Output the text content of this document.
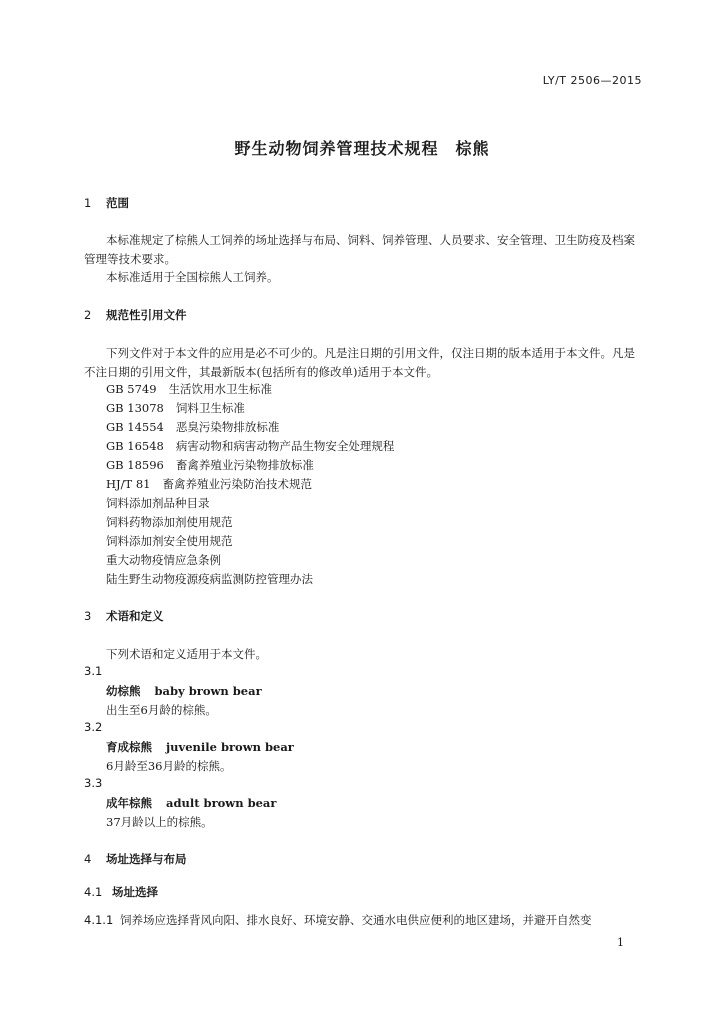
LY/T 2506—2015
野生动物饲养管理技术规程　棕熊
1 范围
本标准规定了棕熊人工饲养的场址选择与布局、饲料、饲养管理、人员要求、安全管理、卫生防疫及档案管理等技术要求。
本标准适用于全国棕熊人工饲养。
2 规范性引用文件
下列文件对于本文件的应用是必不可少的。凡是注日期的引用文件，仅注日期的版本适用于本文件。凡是不注日期的引用文件，其最新版本(包括所有的修改单)适用于本文件。
GB 5749 生活饮用水卫生标准
GB 13078 饲料卫生标准
GB 14554 恶臭污染物排放标准
GB 16548 病害动物和病害动物产品生物安全处理规程
GB 18596 畜禽养殖业污染物排放标准
HJ/T 81 畜禽养殖业污染防治技术规范
饲料添加剂品种目录
饲料药物添加剂使用规范
饲料添加剂安全使用规范
重大动物疫情应急条例
陆生野生动物疫源疫病监测防控管理办法
3 术语和定义
下列术语和定义适用于本文件。
3.1
幼棕熊 baby brown bear
出生至6月龄的棕熊。
3.2
育成棕熊 juvenile brown bear
6月龄至36月龄的棕熊。
3.3
成年棕熊 adult brown bear
37月龄以上的棕熊。
4 场址选择与布局
4.1 场址选择
4.1.1 饲养场应选择背风向阳、排水良好、环境安静、交通水电供应便利的地区建场，并避开自然变
1
